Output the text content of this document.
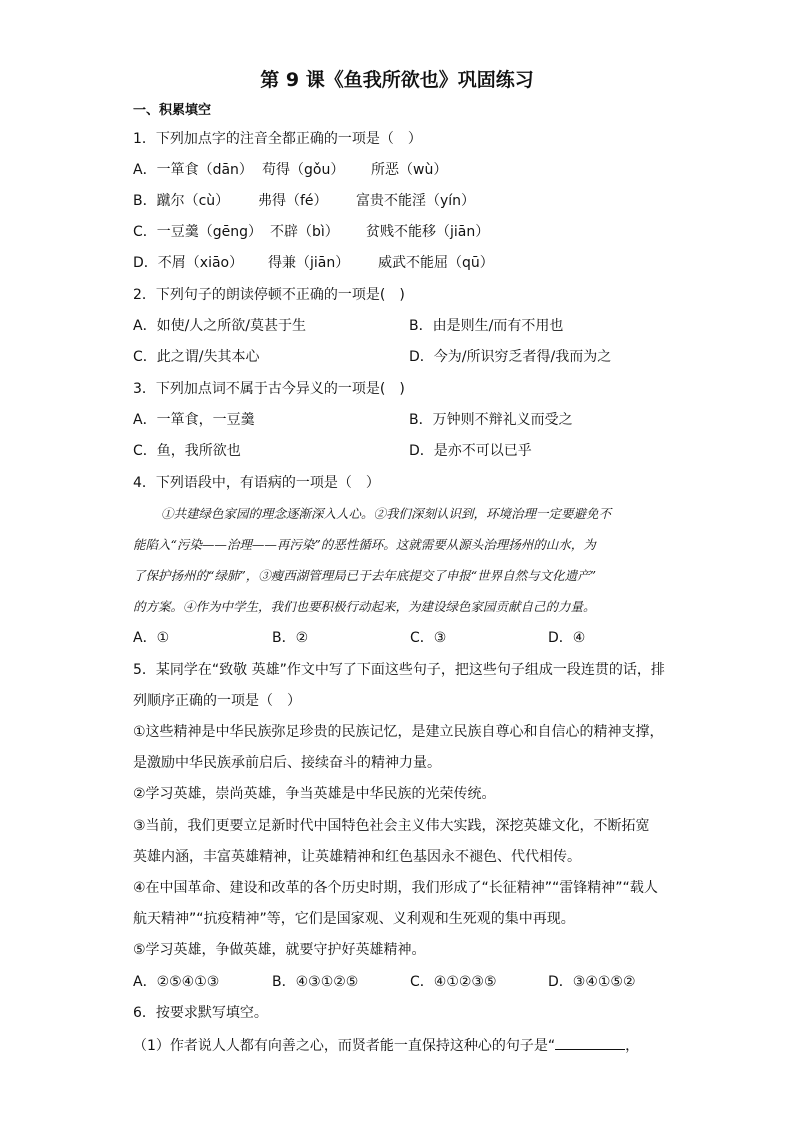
第 9 课《鱼我所欲也》巩固练习
一、积累填空
1．下列加点字的注音全都正确的一项是（　）
A．一箪食（dān） 苟得（gǒu） 所恶（wù）
B．蹴尔（cù） 弗得（fé） 富贵不能淫（yín）
C．一豆羹（gēng） 不辟（bì） 贫贱不能移（jiān）
D．不屑（xiāo） 得兼（jiān） 威武不能屈（qū）
2．下列句子的朗读停顿不正确的一项是(　)
A．如使/人之所欲/莫甚于生	B．由是则生/而有不用也
C．此之谓/失其本心	D．今为/所识穷乏者得/我而为之
3．下列加点词不属于古今异义的一项是(　)
A．一箪食，一豆羹	B．万钟则不辩礼义而受之
C．鱼，我所欲也	D．是亦不可以已乎
4．下列语段中，有语病的一项是（　）
①共建绿色家园的理念逐渐深入人心。②我们深刻认识到，环境治理一定要避免不
能陷入“污染——治理——再污染”的恶性循环。这就需要从源头治理扬州的山水，为
了保护扬州的“绿肺”，③瘦西湖管理局已于去年底提交了申报“世界自然与文化遗产”
的方案。④作为中学生，我们也要积极行动起来，为建设绿色家园贡献自己的力量。
A．①	B．②	C．③	D．④
5．某同学在“致敬 英雄”作文中写了下面这些句子，把这些句子组成一段连贯的话，排
列顺序正确的一项是（　）
①这些精神是中华民族弥足珍贵的民族记忆，是建立民族自尊心和自信心的精神支撑，
是激励中华民族承前启后、接续奋斗的精神力量。
②学习英雄，崇尚英雄，争当英雄是中华民族的光荣传统。
③当前，我们更要立足新时代中国特色社会主义伟大实践，深挖英雄文化，不断拓宽
英雄内涵，丰富英雄精神，让英雄精神和红色基因永不褪色、代代相传。
④在中国革命、建设和改革的各个历史时期，我们形成了“长征精神”“雷锋精神”“载人
航天精神”“抗疫精神”等，它们是国家观、义利观和生死观的集中再现。
⑤学习英雄，争做英雄，就要守护好英雄精神。
A．②⑤④①③	B．④③①②⑤	C．④①②③⑤	D．③④①⑤②
6．按要求默写填空。
（1）作者说人人都有向善之心，而贤者能一直保持这种心的句子是“	，
